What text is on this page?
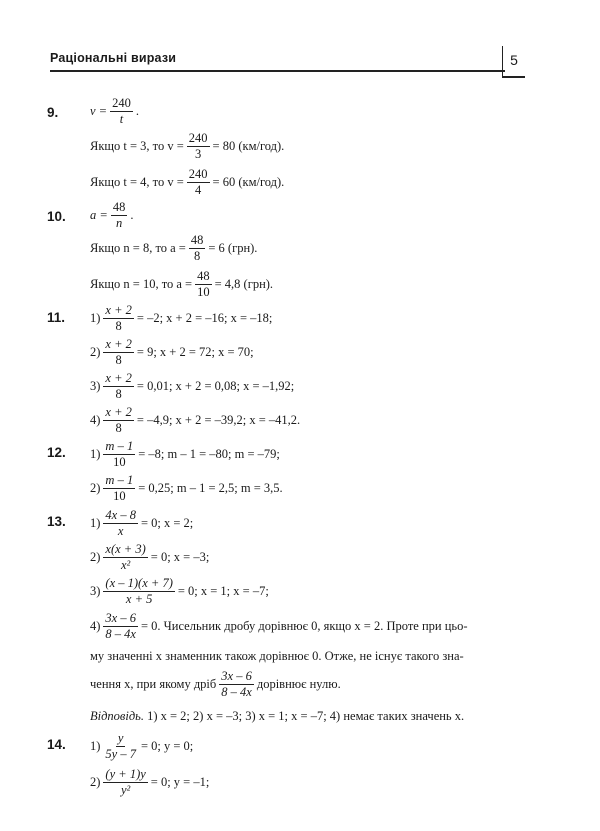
Раціональні вирази	5
9.	$v = \frac{240}{t}$ .
Якщо t = 3, то $v = \frac{240}{3} = 80$ (км/год).
Якщо t = 4, то $v = \frac{240}{4} = 60$ (км/год).
10. $a = \frac{48}{n}$ .
Якщо n = 8, то $a = \frac{48}{8} = 6$ (грн).
Якщо n = 10, то $a = \frac{48}{10} = 4,8$ (грн).
11. $1) \frac{x + 2}{8} = -2$; x + 2 = –16; x = –18;
$2) \frac{x + 2}{8} = 9$; x + 2 = 72; x = 70;
$3) \frac{x + 2}{8} = 0,01$; x + 2 = 0,08; x = –1,92;
$4) \frac{x + 2}{8} = -4,9$; x + 2 = –39,2; x = –41,2.
12. $1) \frac{m - 1}{10} = -8$; m – 1 = –80; m = –79;
$2) \frac{m - 1}{10} = 0,25$; m – 1 = 2,5; m = 3,5.
13. $1) \frac{4x - 8}{x} = 0$; x = 2;
$2) \frac{x(x + 3)}{\text{x²}} = 0$; x = –3;
$3) \frac{(x - 1)(x + 7)}{x + 5} = 0$; x = 1; x = –7;
$4) \frac{3x - 6}{8 - 4x} = 0$. Чисельник дробу дорівнює 0, якщо x = 2. Проте при цьо-
му значенні x знаменник також дорівнює 0. Отже, не існує такого зна-
чення x, при якому дріб $\frac{3x - 6}{8 - 4x}$ дорівнює нулю.
Відповідь. 1) x = 2; 2) x = –3; 3) x = 1; x = –7; 4) немає таких значень x.
14. $1) \frac{y}{5y - 7} = 0$; y = 0;
$2) \frac{(y + 1)y}{\text{y²}} = 0$; y = –1;
